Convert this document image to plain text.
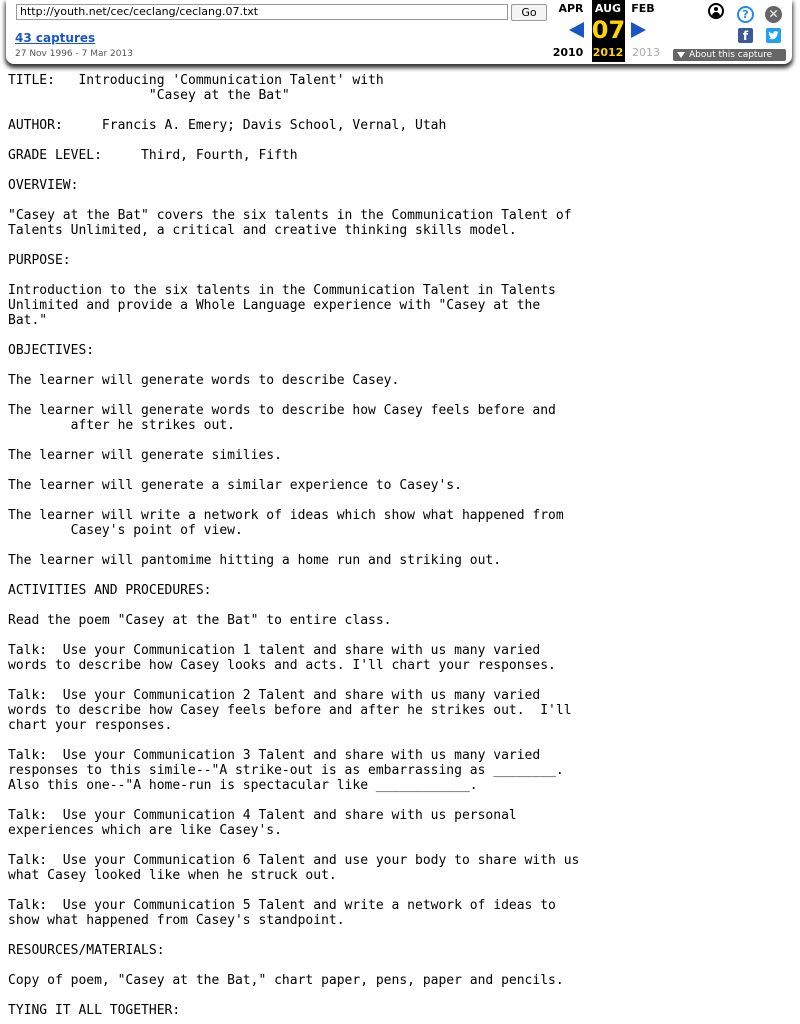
http://youth.net/cec/ceclang/ceclang.07.txt
Go
43 captures
27 Nov 1996 - 7 Mar 2013
APR	AUG FEB
07
2010 2012 2013
?	✕
f
About this capture
TITLE:   Introducing 'Communication Talent' with
"Casey at the Bat"

AUTHOR:     Francis A. Emery; Davis School, Vernal, Utah

GRADE LEVEL:     Third, Fourth, Fifth

OVERVIEW:

"Casey at the Bat" covers the six talents in the Communication Talent of
Talents Unlimited, a critical and creative thinking skills model.

PURPOSE:

Introduction to the six talents in the Communication Talent in Talents
Unlimited and provide a Whole Language experience with "Casey at the
Bat."

OBJECTIVES:

The learner will generate words to describe Casey.

The learner will generate words to describe how Casey feels before and
after he strikes out.

The learner will generate similies.

The learner will generate a similar experience to Casey's.

The learner will write a network of ideas which show what happened from
Casey's point of view.

The learner will pantomime hitting a home run and striking out.

ACTIVITIES AND PROCEDURES:

Read the poem "Casey at the Bat" to entire class.

Talk:  Use your Communication 1 talent and share with us many varied
words to describe how Casey looks and acts. I'll chart your responses.

Talk:  Use your Communication 2 Talent and share with us many varied
words to describe how Casey feels before and after he strikes out.  I'll
chart your responses.

Talk:  Use your Communication 3 Talent and share with us many varied
responses to this simile--"A strike-out is as embarrassing as ________.
Also this one--"A home-run is spectacular like ____________.

Talk:  Use your Communication 4 Talent and share with us personal
experiences which are like Casey's.

Talk:  Use your Communication 6 Talent and use your body to share with us
what Casey looked like when he struck out.

Talk:  Use your Communication 5 Talent and write a network of ideas to
show what happened from Casey's standpoint.

RESOURCES/MATERIALS:

Copy of poem, "Casey at the Bat," chart paper, pens, paper and pencils.

TYING IT ALL TOGETHER:
